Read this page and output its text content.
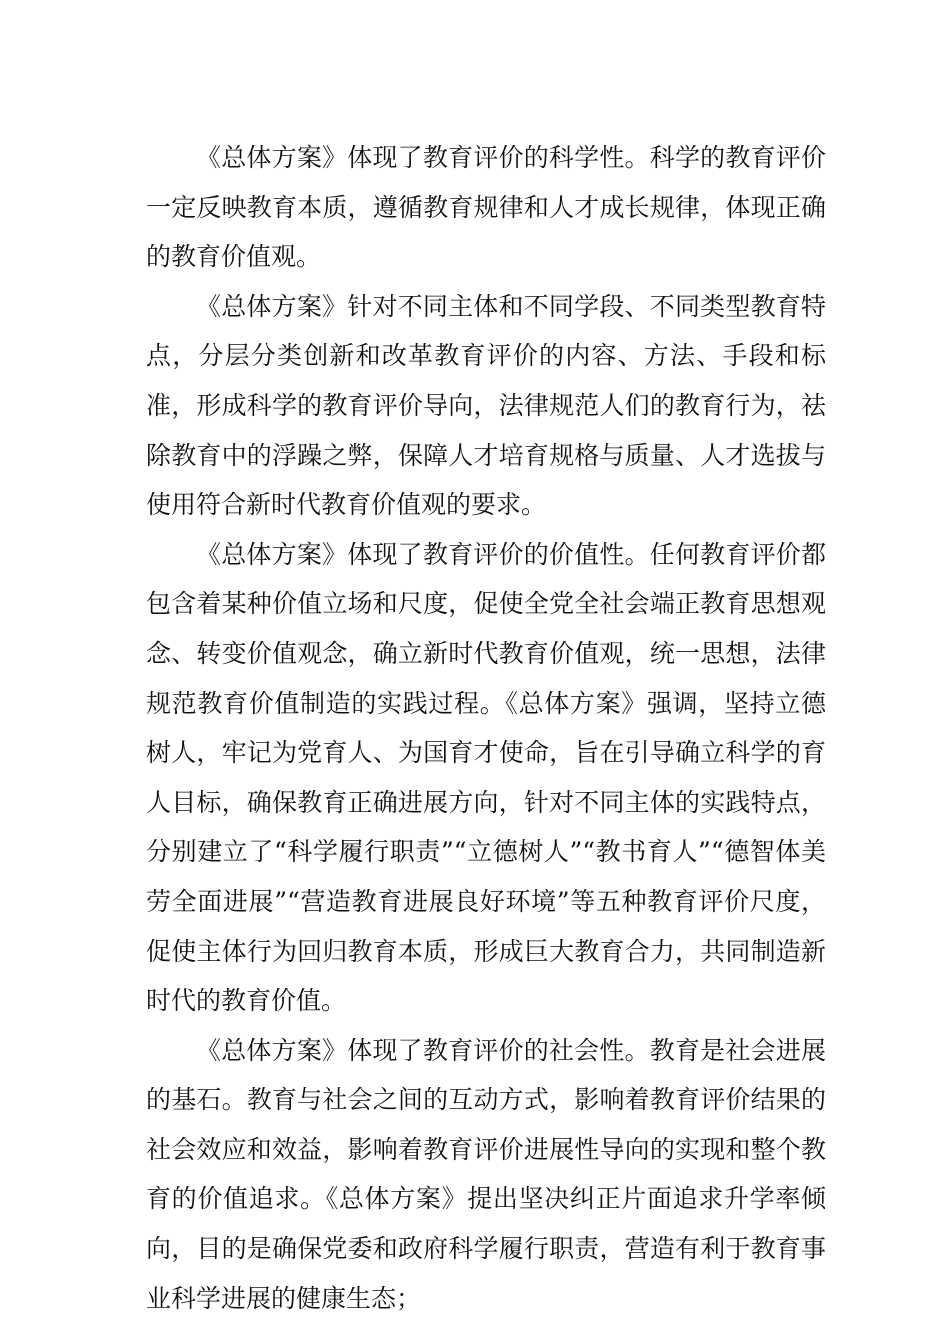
《总体方案》体现了教育评价的科学性。科学的教育评价一定反映教育本质，遵循教育规律和人才成长规律，体现正确的教育价值观。

《总体方案》针对不同主体和不同学段、不同类型教育特点，分层分类创新和改革教育评价的内容、方法、手段和标准，形成科学的教育评价导向，法律规范人们的教育行为，祛除教育中的浮躁之弊，保障人才培育规格与质量、人才选拔与使用符合新时代教育价值观的要求。

《总体方案》体现了教育评价的价值性。任何教育评价都包含着某种价值立场和尺度，促使全党全社会端正教育思想观念、转变价值观念，确立新时代教育价值观，统一思想，法律规范教育价值制造的实践过程。《总体方案》强调，坚持立德树人，牢记为党育人、为国育才使命，旨在引导确立科学的育人目标，确保教育正确进展方向，针对不同主体的实践特点，分别建立了“科学履行职责”“立德树人”“教书育人”“德智体美劳全面进展”“营造教育进展良好环境”等五种教育评价尺度，促使主体行为回归教育本质，形成巨大教育合力，共同制造新时代的教育价值。

《总体方案》体现了教育评价的社会性。教育是社会进展的基石。教育与社会之间的互动方式，影响着教育评价结果的社会效应和效益，影响着教育评价进展性导向的实现和整个教育的价值追求。《总体方案》提出坚决纠正片面追求升学率倾向，目的是确保党委和政府科学履行职责，营造有利于教育事业科学进展的健康生态；
